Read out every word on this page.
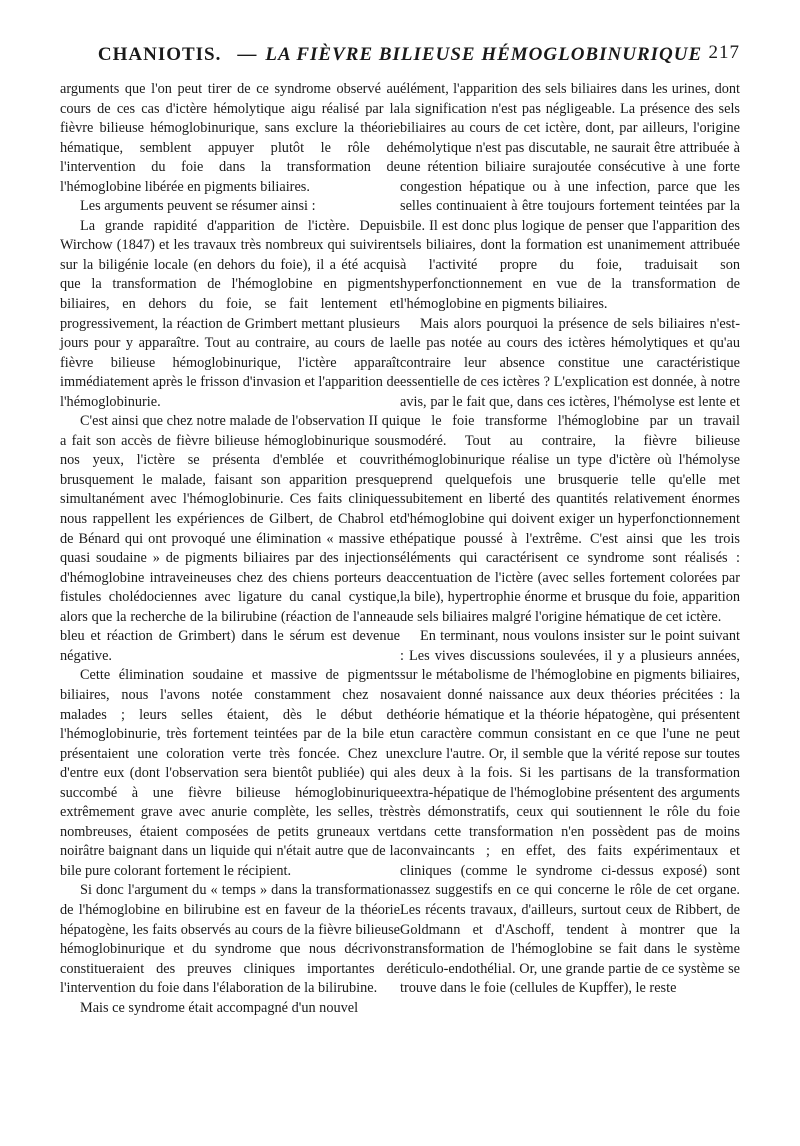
CHANIOTIS. — LA FIÈVRE BILIEUSE HÉMOGLOBINURIQUE 217

arguments que l'on peut tirer de ce syndrome observé au cours de ces cas d'ictère hémolytique aigu réalisé par la fièvre bilieuse hémoglobinurique, sans exclure la théorie hématique, semblent appuyer plutôt le rôle de l'intervention du foie dans la transformation de l'hémoglobine libérée en pigments biliaires.

Les arguments peuvent se résumer ainsi :

La grande rapidité d'apparition de l'ictère. Depuis Wirchow (1847) et les travaux très nombreux qui suivirent sur la biligénie locale (en dehors du foie), il a été acquis que la transformation de l'hémoglobine en pigments biliaires, en dehors du foie, se fait lentement et progressivement, la réaction de Grimbert mettant plusieurs jours pour y apparaître. Tout au contraire, au cours de la fièvre bilieuse hémoglobinurique, l'ictère apparaît immédiatement après le frisson d'invasion et l'apparition de l'hémoglobinurie.

C'est ainsi que chez notre malade de l'observation II qui a fait son accès de fièvre bilieuse hémoglobinurique sous nos yeux, l'ictère se présenta d'emblée et couvrit brusquement le malade, faisant son apparition presque simultanément avec l'hémoglobinurie. Ces faits cliniques nous rappellent les expériences de Gilbert, de Chabrol et de Bénard qui ont provoqué une élimination « massive et quasi soudaine » de pigments biliaires par des injections d'hémoglobine intraveineuses chez des chiens porteurs de fistules cholédociennes avec ligature du canal cystique, alors que la recherche de la bilirubine (réaction de l'anneau bleu et réaction de Grimbert) dans le sérum est devenue négative.

Cette élimination soudaine et massive de pigments biliaires, nous l'avons notée constamment chez nos malades ; leurs selles étaient, dès le début de l'hémoglobinurie, très fortement teintées par de la bile et présentaient une coloration verte très foncée. Chez un d'entre eux (dont l'observation sera bientôt publiée) qui a succombé à une fièvre bilieuse hémoglobinurique extrêmement grave avec anurie complète, les selles, très nombreuses, étaient composées de petits gruneaux vert noirâtre baignant dans un liquide qui n'était autre que de la bile pure colorant fortement le récipient.

Si donc l'argument du « temps » dans la transformation de l'hémoglobine en bilirubine est en faveur de la théorie hépatogène, les faits observés au cours de la fièvre bilieuse hémoglobinurique et du syndrome que nous décrivons constitueraient des preuves cliniques importantes de l'intervention du foie dans l'élaboration de la bilirubine.

Mais ce syndrome était accompagné d'un nouvel

élément, l'apparition des sels biliaires dans les urines, dont la signification n'est pas négligeable. La présence des sels biliaires au cours de cet ictère, dont, par ailleurs, l'origine hémolytique n'est pas discutable, ne saurait être attribuée à une rétention biliaire surajoutée consécutive à une forte congestion hépatique ou à une infection, parce que les selles continuaient à être toujours fortement teintées par la bile. Il est donc plus logique de penser que l'apparition des sels biliaires, dont la formation est unanimement attribuée à l'activité propre du foie, traduisait son hyperfonctionnement en vue de la transformation de l'hémoglobine en pigments biliaires.

Mais alors pourquoi la présence de sels biliaires n'est-elle pas notée au cours des ictères hémolytiques et qu'au contraire leur absence constitue une caractéristique essentielle de ces ictères ? L'explication est donnée, à notre avis, par le fait que, dans ces ictères, l'hémolyse est lente et que le foie transforme l'hémoglobine par un travail modéré. Tout au contraire, la fièvre bilieuse hémoglobinurique réalise un type d'ictère où l'hémolyse prend quelquefois une brusquerie telle qu'elle met subitement en liberté des quantités relativement énormes d'hémoglobine qui doivent exiger un hyperfonctionnement hépatique poussé à l'extrême. C'est ainsi que les trois éléments qui caractérisent ce syndrome sont réalisés : accentuation de l'ictère (avec selles fortement colorées par la bile), hypertrophie énorme et brusque du foie, apparition de sels biliaires malgré l'origine hématique de cet ictère.

En terminant, nous voulons insister sur le point suivant : Les vives discussions soulevées, il y a plusieurs années, sur le métabolisme de l'hémoglobine en pigments biliaires, avaient donné naissance aux deux théories précitées : la théorie hématique et la théorie hépatogène, qui présentent un caractère commun consistant en ce que l'une ne peut exclure l'autre. Or, il semble que la vérité repose sur toutes les deux à la fois. Si les partisans de la transformation extra-hépatique de l'hémoglobine présentent des arguments très démonstratifs, ceux qui soutiennent le rôle du foie dans cette transformation n'en possèdent pas de moins convaincants ; en effet, des faits expérimentaux et cliniques (comme le syndrome ci-dessus exposé) sont assez suggestifs en ce qui concerne le rôle de cet organe. Les récents travaux, d'ailleurs, surtout ceux de Ribbert, de Goldmann et d'Aschoff, tendent à montrer que la transformation de l'hémoglobine se fait dans le système réticulo-endothélial. Or, une grande partie de ce système se trouve dans le foie (cellules de Kupffer), le reste
